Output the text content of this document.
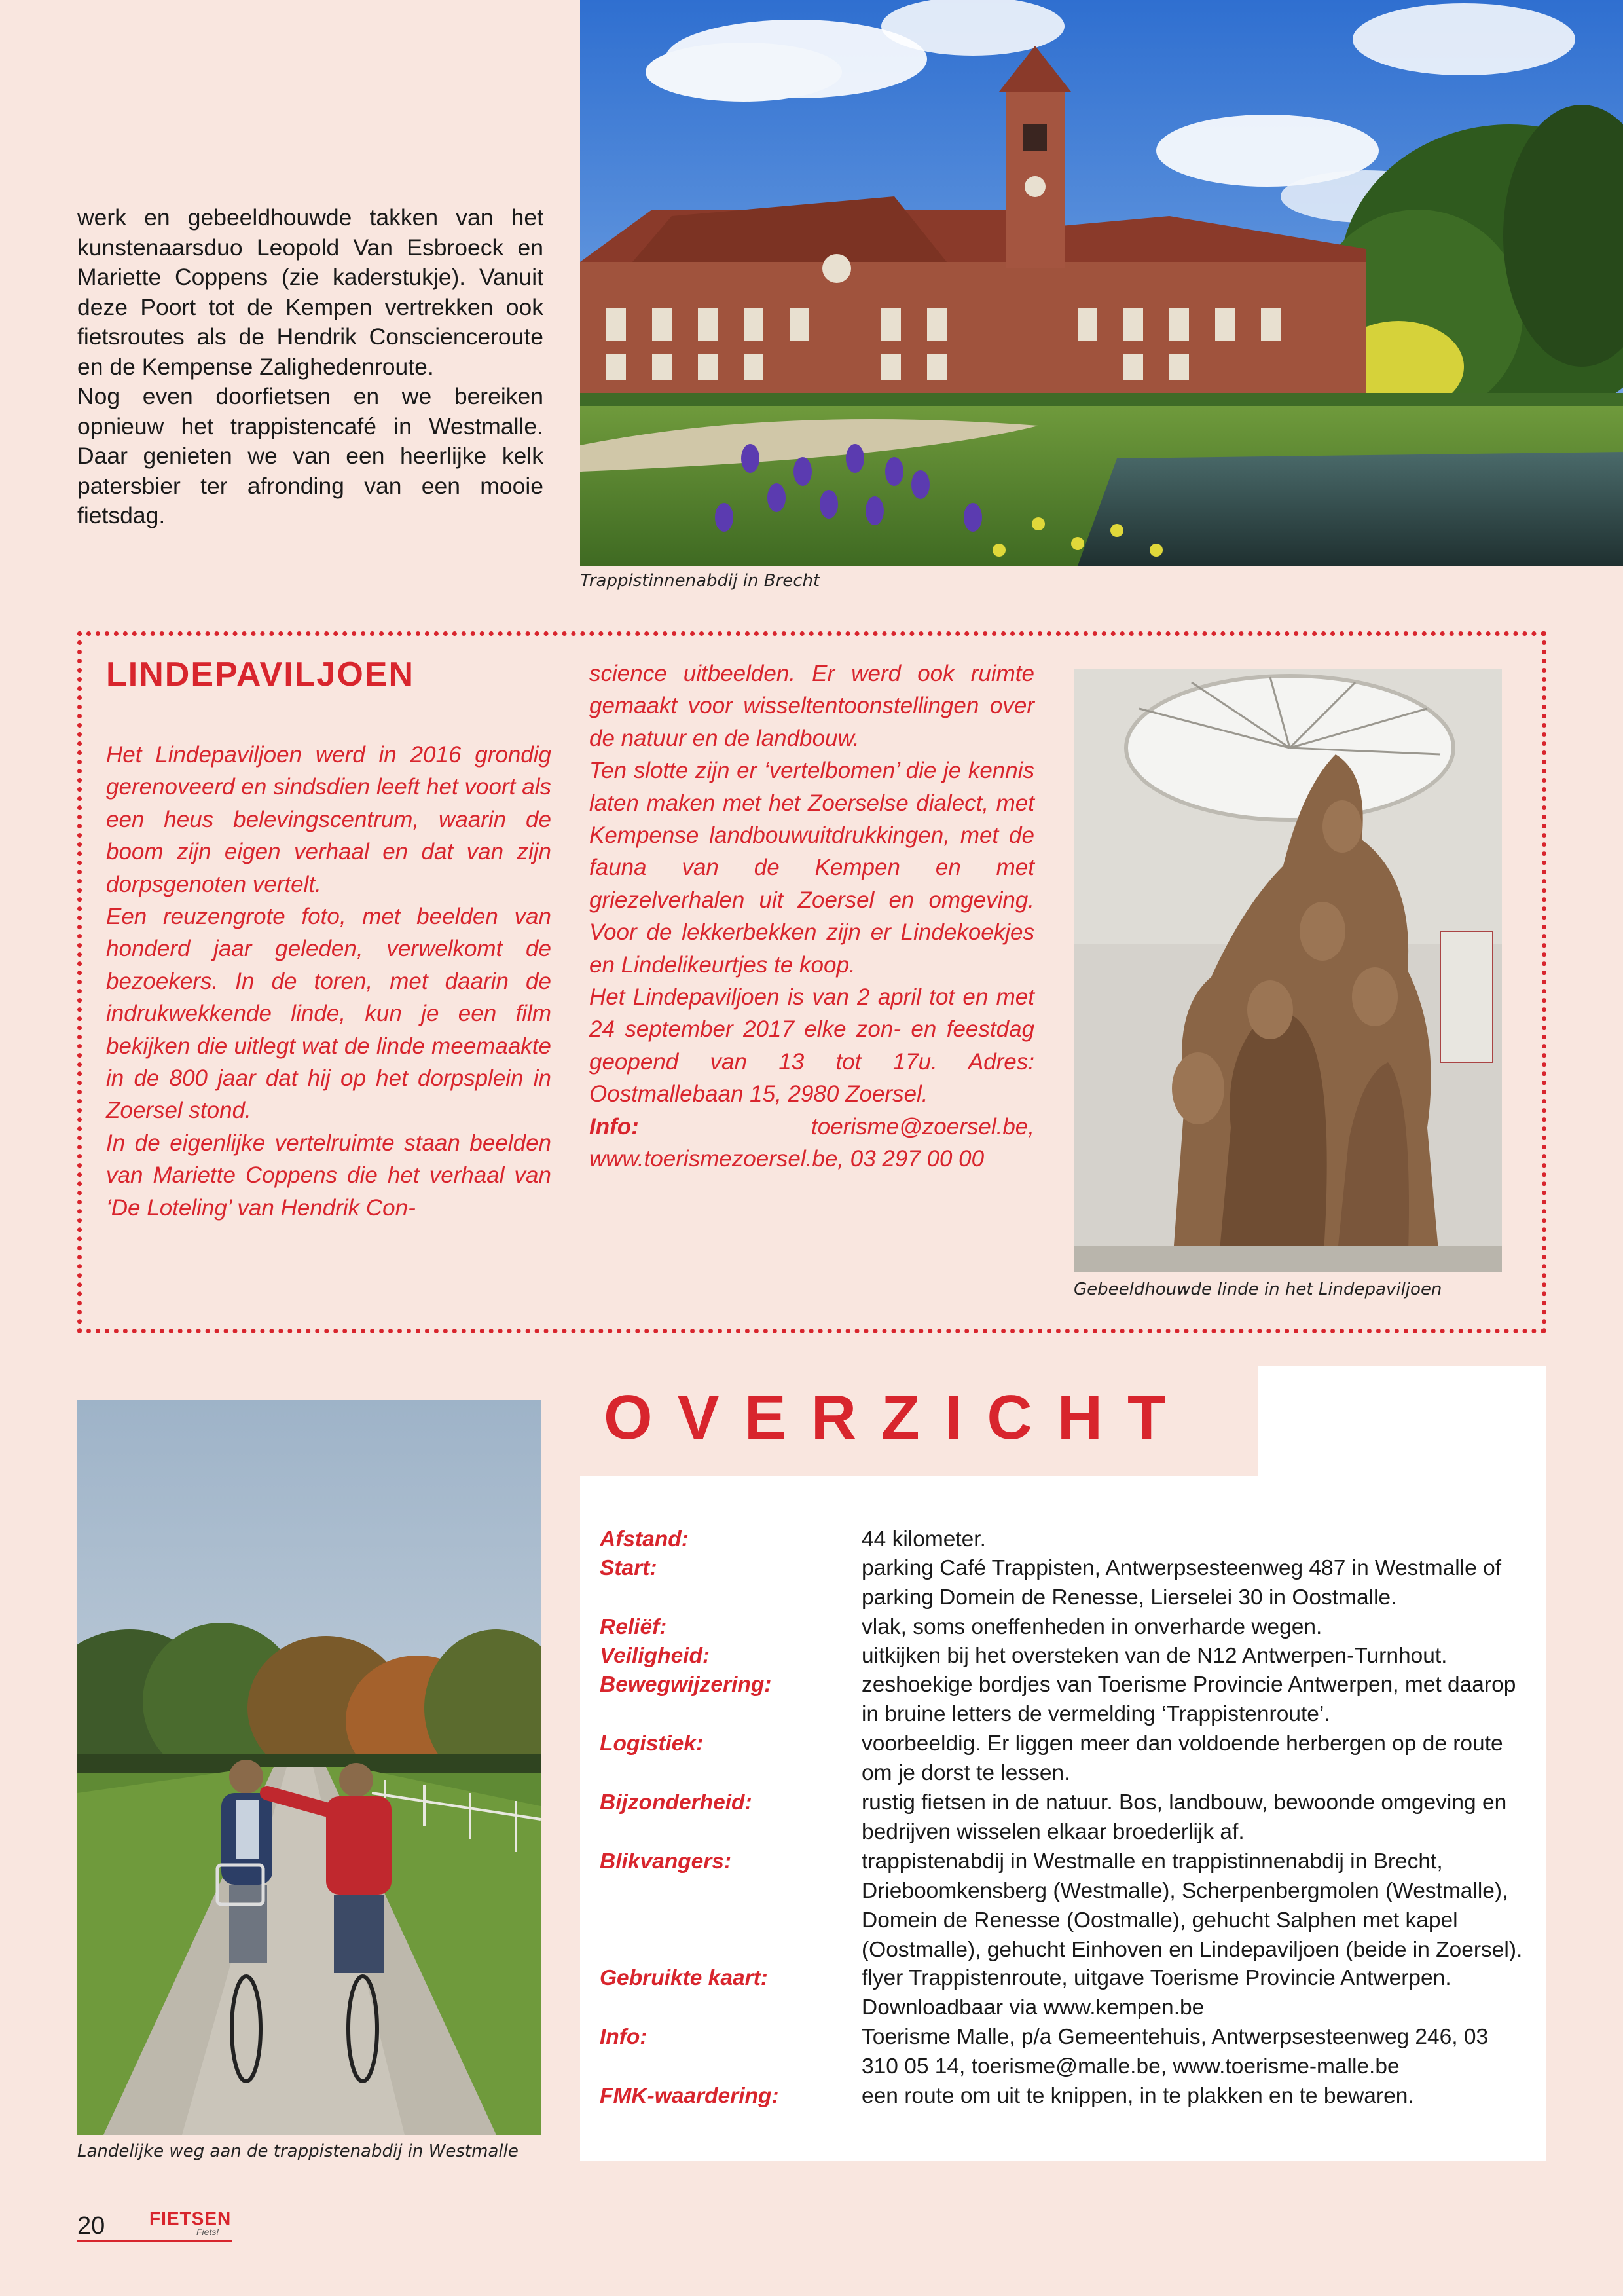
werk en gebeeldhouwde takken van het kunstenaarsduo Leopold Van Esbroeck en Mariette Coppens (zie kaderstukje). Vanuit deze Poort tot de Kempen vertrekken ook fietsroutes als de Hendrik Conscienceroute en de Kempense Zalighedenroute.

Nog even doorfietsen en we bereiken opnieuw het trappistencafé in Westmalle. Daar genieten we van een heerlijke kelk patersbier ter afronding van een mooie fietsdag.

Trappistinnenabdij in Brecht
LINDEPAVILJOEN

Het Lindepaviljoen werd in 2016 grondig gerenoveerd en sindsdien leeft het voort als een heus belevingscentrum, waarin de boom zijn eigen verhaal en dat van zijn dorpsgenoten vertelt.

Een reuzengrote foto, met beelden van honderd jaar geleden, verwelkomt de bezoekers. In de toren, met daarin de indrukwekkende linde, kun je een film bekijken die uitlegt wat de linde meemaakte in de 800 jaar dat hij op het dorpsplein in Zoersel stond.

In de eigenlijke vertelruimte staan beelden van Mariette Coppens die het verhaal van ‘De Loteling’ van Hendrik Con-

science uitbeelden. Er werd ook ruimte gemaakt voor wisseltentoonstellingen over de natuur en de landbouw.

Ten slotte zijn er ‘vertelbomen’ die je kennis laten maken met het Zoerselse dialect, met Kempense landbouwuitdrukkingen, met de fauna van de Kempen en met griezelverhalen uit Zoersel en omgeving. Voor de lekkerbekken zijn er Lindekoekjes en Lindelikeurtjes te koop.

Het Lindepaviljoen is van 2 april tot en met 24 september 2017 elke zon- en feestdag geopend van 13 tot 17u. Adres: Oostmallebaan 15, 2980 Zoersel.

Info: toerisme@zoersel.be, www.toerismezoersel.be, 03 297 00 00

Gebeeldhouwde linde in het Lindepaviljoen
Landelijke weg aan de trappistenabdij in Westmalle
OVERZICHT
Afstand:	44 kilometer.
Start:	parking Café Trappisten, Antwerpsesteenweg 487 in Westmalle of parking Domein de Renesse, Lierselei 30 in Oostmalle.
Reliëf:	vlak, soms oneffenheden in onverharde wegen.
Veiligheid:	uitkijken bij het oversteken van de N12 Antwerpen-Turnhout.
Bewegwijzering:	zeshoekige bordjes van Toerisme Provincie Antwerpen, met daarop in bruine letters de vermelding ‘Trappistenroute’.
Logistiek:	voorbeeldig. Er liggen meer dan voldoende herbergen op de route om je dorst te lessen.
Bijzonderheid:	rustig fietsen in de natuur. Bos, landbouw, bewoonde omgeving en bedrijven wisselen elkaar broederlijk af.
Blikvangers:	trappistenabdij in Westmalle en trappistinnenabdij in Brecht, Drieboomkensberg (Westmalle), Scherpenbergmolen (Westmalle), Domein de Renesse (Oostmalle), gehucht Salphen met kapel (Oostmalle), gehucht Einhoven en Lindepaviljoen (beide in Zoersel).
Gebruikte kaart:	flyer Trappistenroute, uitgave Toerisme Provincie Antwerpen. Downloadbaar via www.kempen.be
Info:	Toerisme Malle, p/a Gemeentehuis, Antwerpsesteenweg 246, 03 310 05 14, toerisme@malle.be, www.toerisme-malle.be
FMK-waardering:	een route om uit te knippen, in te plakken en te bewaren.
20 FIETSEN
Fiets!
